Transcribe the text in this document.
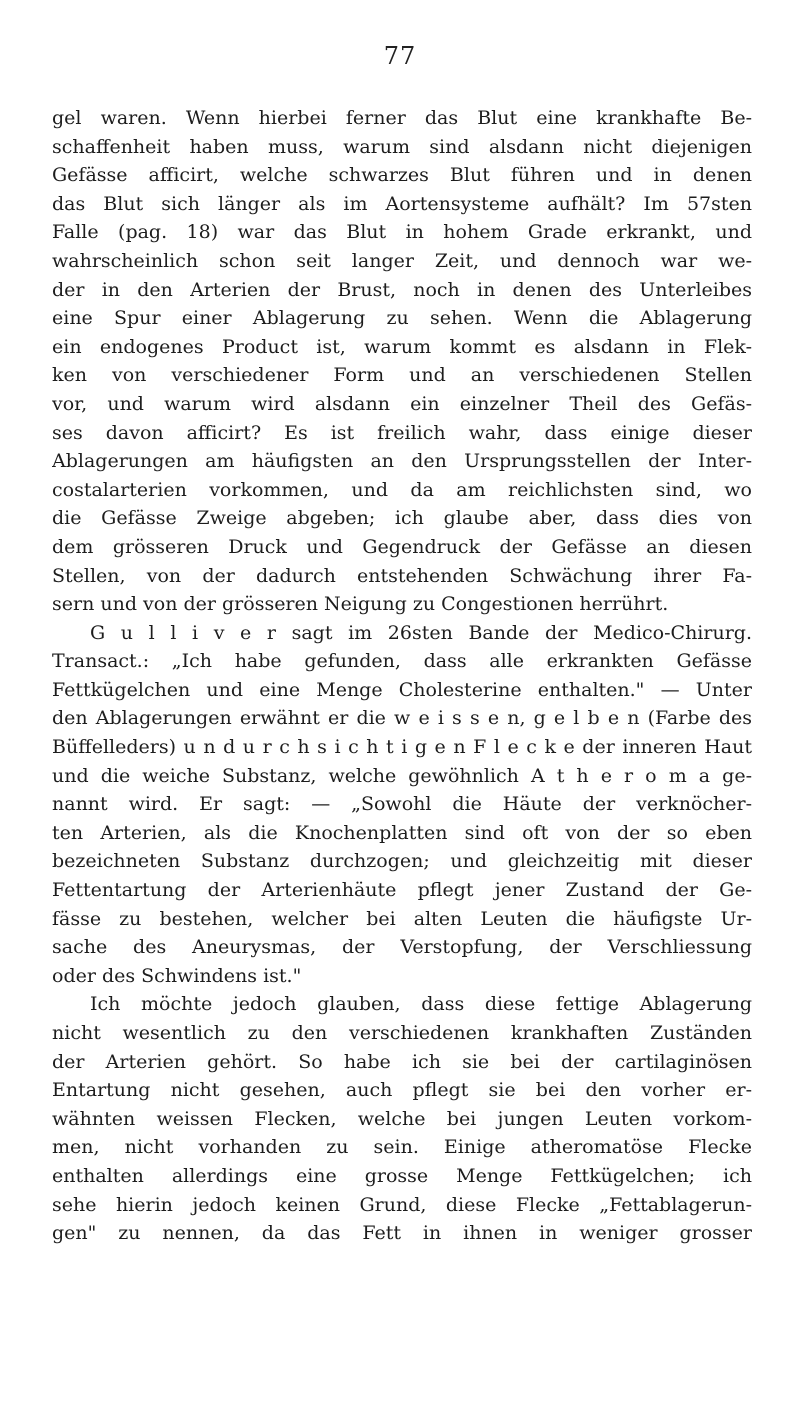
77
gel waren. Wenn hierbei ferner das Blut eine krankhafte Be-
schaffenheit haben muss, warum sind alsdann nicht diejenigen
Gefässe afficirt, welche schwarzes Blut führen und in denen
das Blut sich länger als im Aortensysteme aufhält? Im 57sten
Falle (pag. 18) war das Blut in hohem Grade erkrankt, und
wahrscheinlich schon seit langer Zeit, und dennoch war we-
der in den Arterien der Brust, noch in denen des Unterleibes
eine Spur einer Ablagerung zu sehen. Wenn die Ablagerung
ein endogenes Product ist, warum kommt es alsdann in Flek-
ken von verschiedener Form und an verschiedenen Stellen
vor, und warum wird alsdann ein einzelner Theil des Gefäs-
ses davon afficirt? Es ist freilich wahr, dass einige dieser
Ablagerungen am häufigsten an den Ursprungsstellen der Inter-
costalarterien vorkommen, und da am reichlichsten sind, wo
die Gefässe Zweige abgeben; ich glaube aber, dass dies von
dem grösseren Druck und Gegendruck der Gefässe an diesen
Stellen, von der dadurch entstehenden Schwächung ihrer Fa-
sern und von der grösseren Neigung zu Congestionen herrührt.
G u l l i v e r sagt im 26sten Bande der Medico-Chirurg.
Transact.: „Ich habe gefunden, dass alle erkrankten Gefässe
Fettkügelchen und eine Menge Cholesterine enthalten." — Unter
den Ablagerungen erwähnt er die w e i s s e n, g e l b e n (Farbe des
Büffelleders) u n d u r c h s i c h t i g e n F l e c k e der inneren Haut
und die weiche Substanz, welche gewöhnlich A t h e r o m a ge-
nannt wird. Er sagt: — „Sowohl die Häute der verknöcher-
ten Arterien, als die Knochenplatten sind oft von der so eben
bezeichneten Substanz durchzogen; und gleichzeitig mit dieser
Fettentartung der Arterienhäute pflegt jener Zustand der Ge-
fässe zu bestehen, welcher bei alten Leuten die häufigste Ur-
sache des Aneurysmas, der Verstopfung, der Verschliessung
oder des Schwindens ist."
Ich möchte jedoch glauben, dass diese fettige Ablagerung
nicht wesentlich zu den verschiedenen krankhaften Zuständen
der Arterien gehört. So habe ich sie bei der cartilaginösen
Entartung nicht gesehen, auch pflegt sie bei den vorher er-
wähnten weissen Flecken, welche bei jungen Leuten vorkom-
men, nicht vorhanden zu sein. Einige atheromatöse Flecke
enthalten allerdings eine grosse Menge Fettkügelchen; ich
sehe hierin jedoch keinen Grund, diese Flecke „Fettablagerun-
gen" zu nennen, da das Fett in ihnen in weniger grosser
